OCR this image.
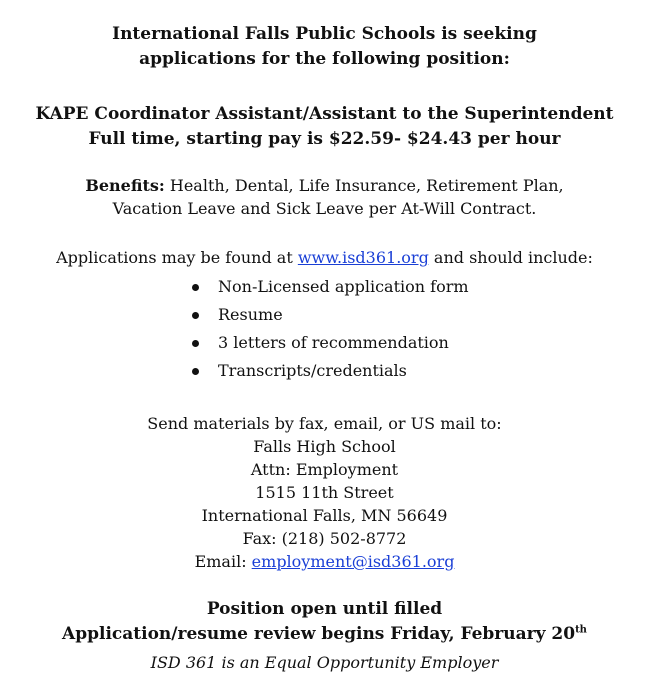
International Falls Public Schools is seeking
applications for the following position:
KAPE Coordinator Assistant/Assistant to the Superintendent
Full time, starting pay is $22.59- $24.43 per hour
Benefits: Health, Dental, Life Insurance, Retirement Plan,
Vacation Leave and Sick Leave per At-Will Contract.
Applications may be found at www.isd361.org and should include:
Non-Licensed application form
Resume
3 letters of recommendation
Transcripts/credentials
Send materials by fax, email, or US mail to:
Falls High School
Attn: Employment
1515 11th Street
International Falls, MN 56649
Fax: (218) 502-8772
Email: employment@isd361.org
Position open until filled
Application/resume review begins Friday, February 20th
ISD 361 is an Equal Opportunity Employer
